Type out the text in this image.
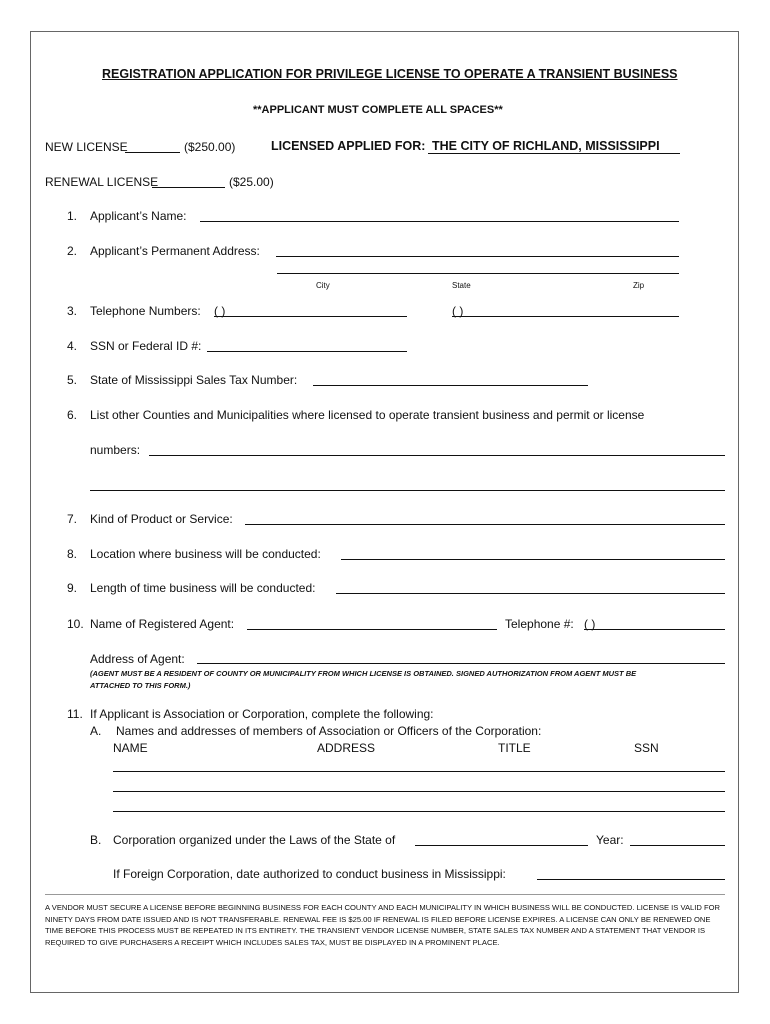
REGISTRATION APPLICATION FOR PRIVILEGE LICENSE TO OPERATE A TRANSIENT BUSINESS
**APPLICANT MUST COMPLETE ALL SPACES**
NEW LICENSE	($250.00)	LICENSED APPLIED FOR: THE CITY OF RICHLAND, MISSISSIPPI
RENEWAL LICENSE	($25.00)
1. Applicant’s Name:
2. Applicant’s Permanent Address:
City	State	Zip
3. Telephone Numbers: ( )	( )
4. SSN or Federal ID #:
5. State of Mississippi Sales Tax Number:
6. List other Counties and Municipalities where licensed to operate transient business and permit or license
numbers:
7. Kind of Product or Service:
8. Location where business will be conducted:
9. Length of time business will be conducted:
10. Name of Registered Agent:	Telephone #: ( )
Address of Agent:
(AGENT MUST BE A RESIDENT OF COUNTY OR MUNICIPALITY FROM WHICH LICENSE IS OBTAINED. SIGNED AUTHORIZATION FROM AGENT MUST BE
ATTACHED TO THIS FORM.)
11. If Applicant is Association or Corporation, complete the following:
A. Names and addresses of members of Association or Officers of the Corporation:
NAME	ADDRESS	TITLE	SSN
B. Corporation organized under the Laws of the State of	Year:
If Foreign Corporation, date authorized to conduct business in Mississippi:
A VENDOR MUST SECURE A LICENSE BEFORE BEGINNING BUSINESS FOR EACH COUNTY AND EACH MUNICIPALITY IN WHICH BUSINESS WILL BE CONDUCTED. LICENSE IS VALID FOR NINETY DAYS FROM DATE ISSUED AND IS NOT TRANSFERABLE. RENEWAL FEE IS $25.00 IF RENEWAL IS FILED BEFORE LICENSE EXPIRES. A LICENSE CAN ONLY BE RENEWED ONE TIME BEFORE THIS PROCESS MUST BE REPEATED IN ITS ENTIRETY. THE TRANSIENT VENDOR LICENSE NUMBER, STATE SALES TAX NUMBER AND A STATEMENT THAT VENDOR IS REQUIRED TO GIVE PURCHASERS A RECEIPT WHICH INCLUDES SALES TAX, MUST BE DISPLAYED IN A PROMINENT PLACE.
